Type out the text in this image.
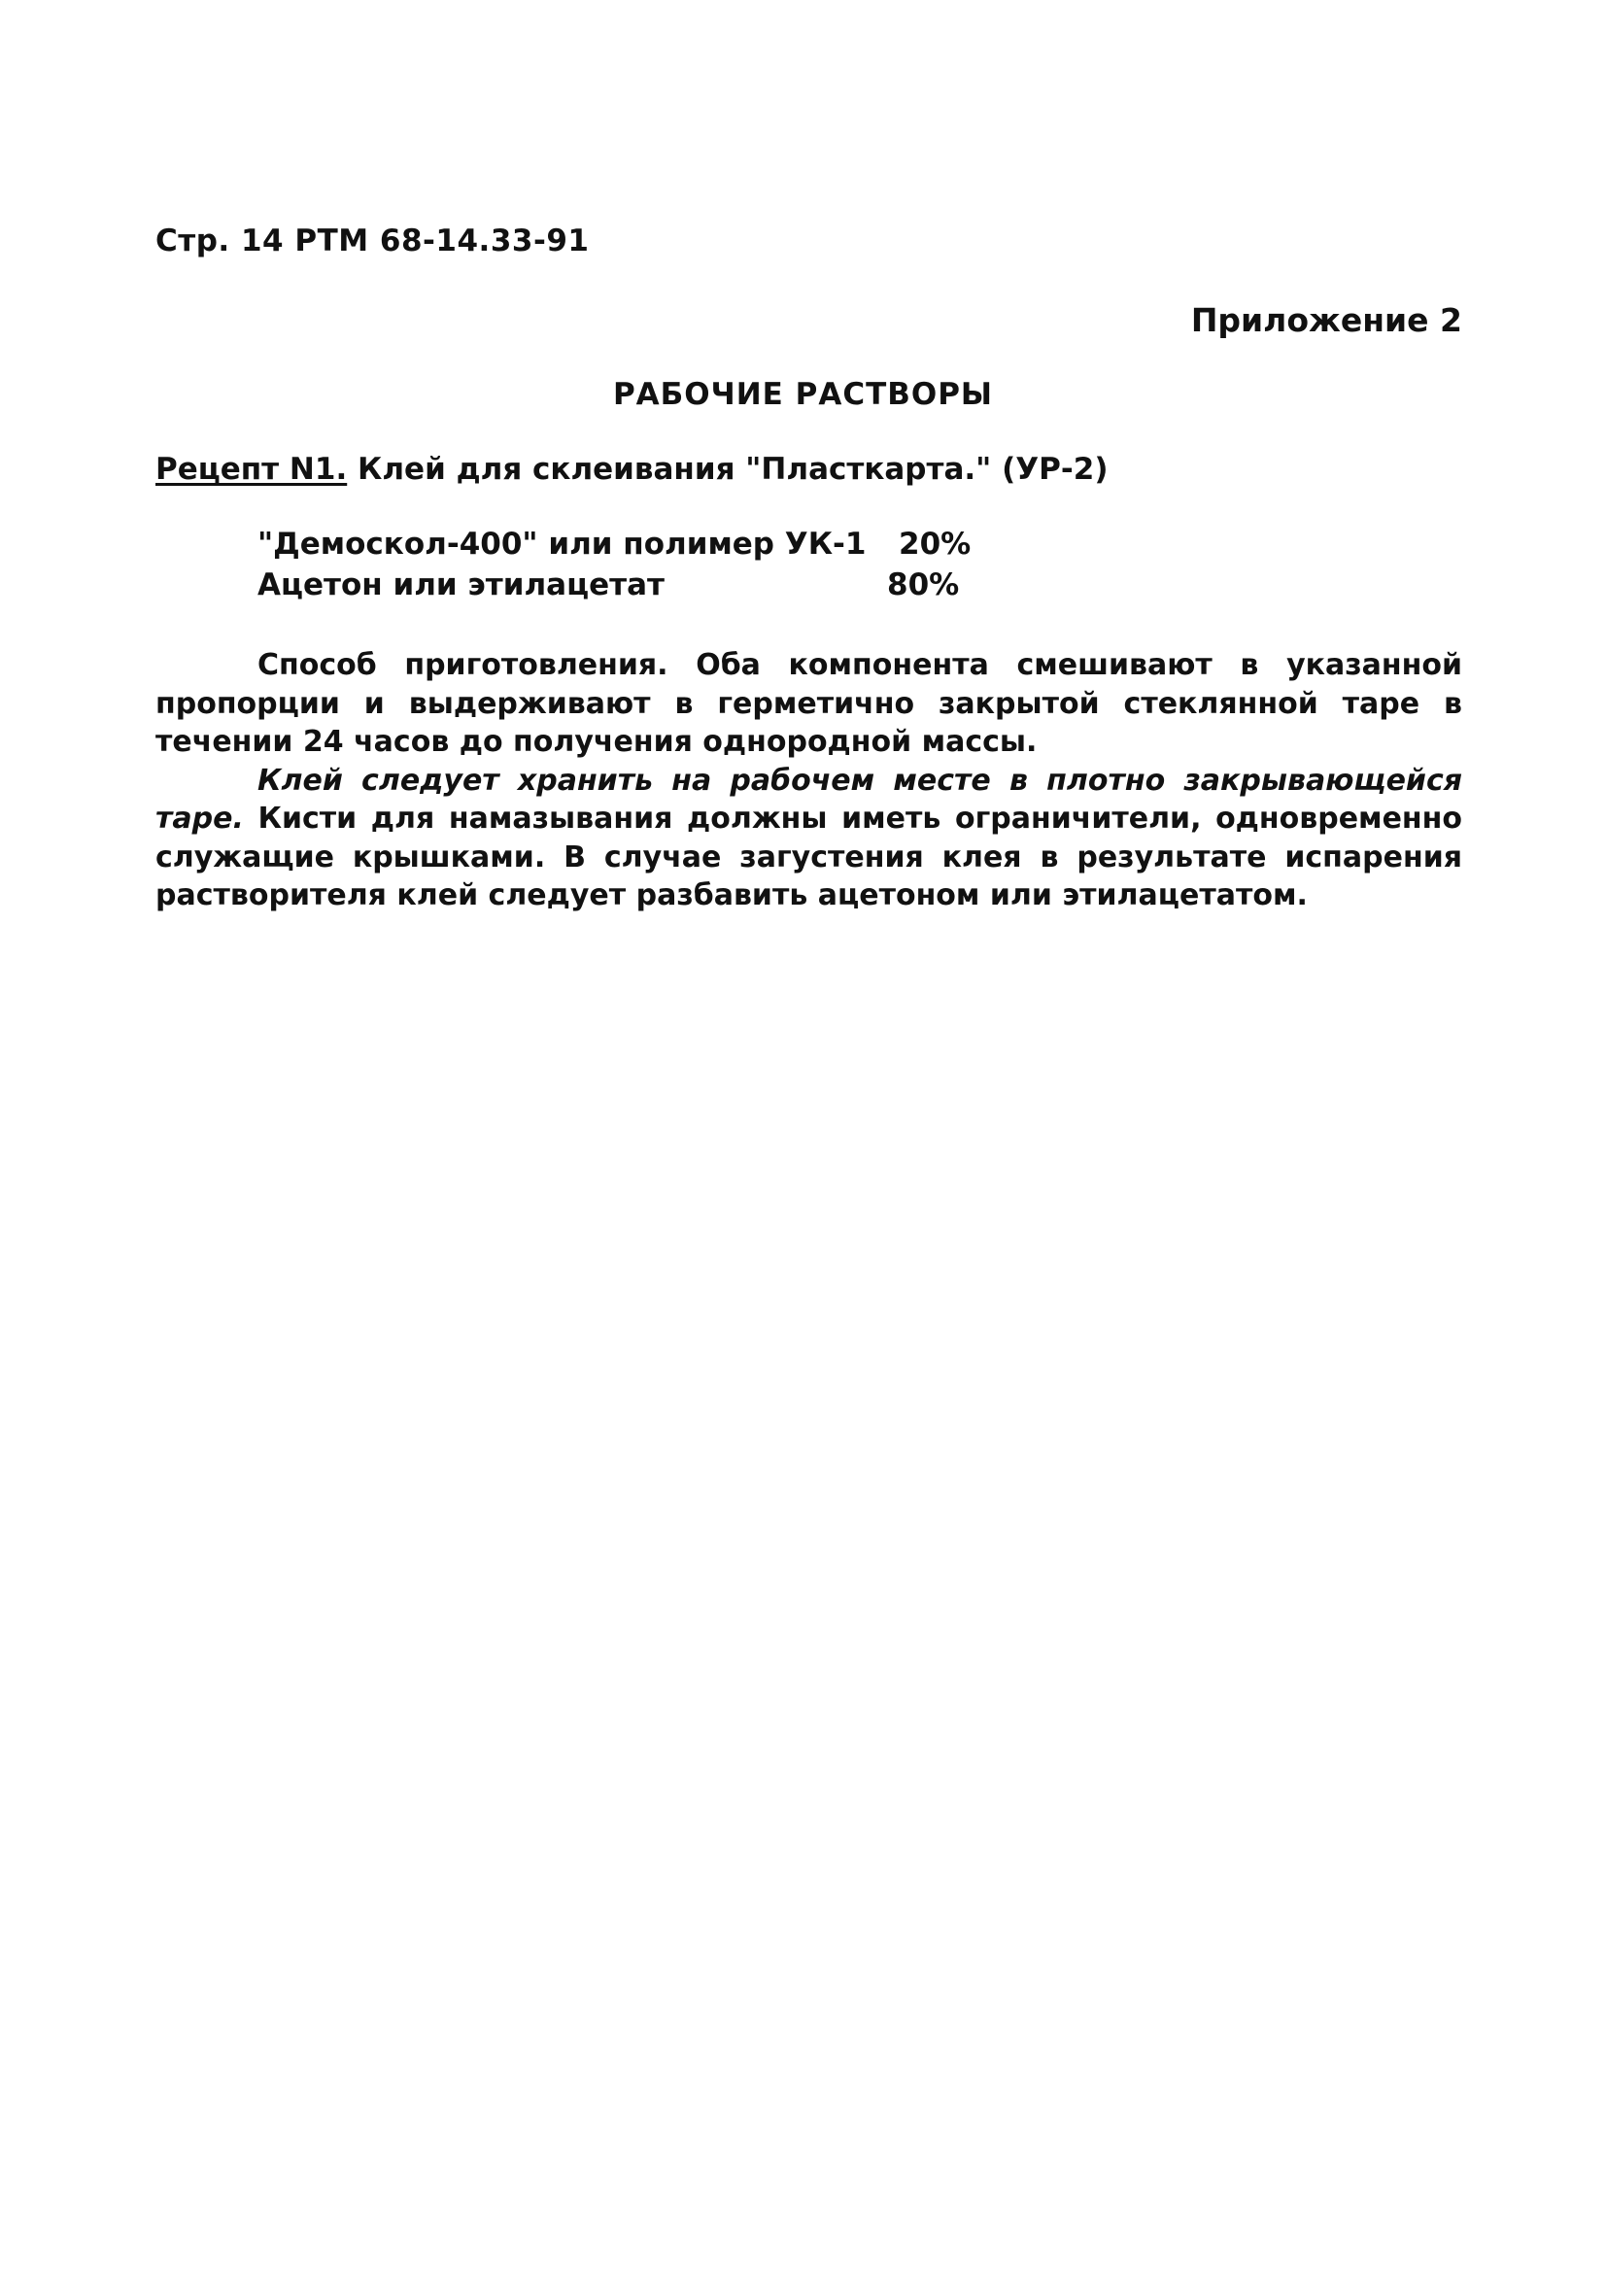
Стр. 14 РТМ 68-14.33-91
Приложение 2
РАБОЧИЕ РАСТВОРЫ
Рецепт N1. Клей для склеивания "Пласткарта." (УР-2)
"Демоскол-400" или полимер УК-1 20%
Ацетон или этилацетат	80%

Способ приготовления. Оба компонента смешивают в указанной пропорции и выдерживают в герметично закрытой стеклянной таре в течении 24 часов до получения однородной массы.

Клей следует хранить на рабочем месте в плотно закрывающейся таре. Кисти для намазывания должны иметь ограничители, одновременно служащие крышками. В случае загустения клея в результате испарения растворителя клей следует разбавить ацетоном или этилацетатом.
